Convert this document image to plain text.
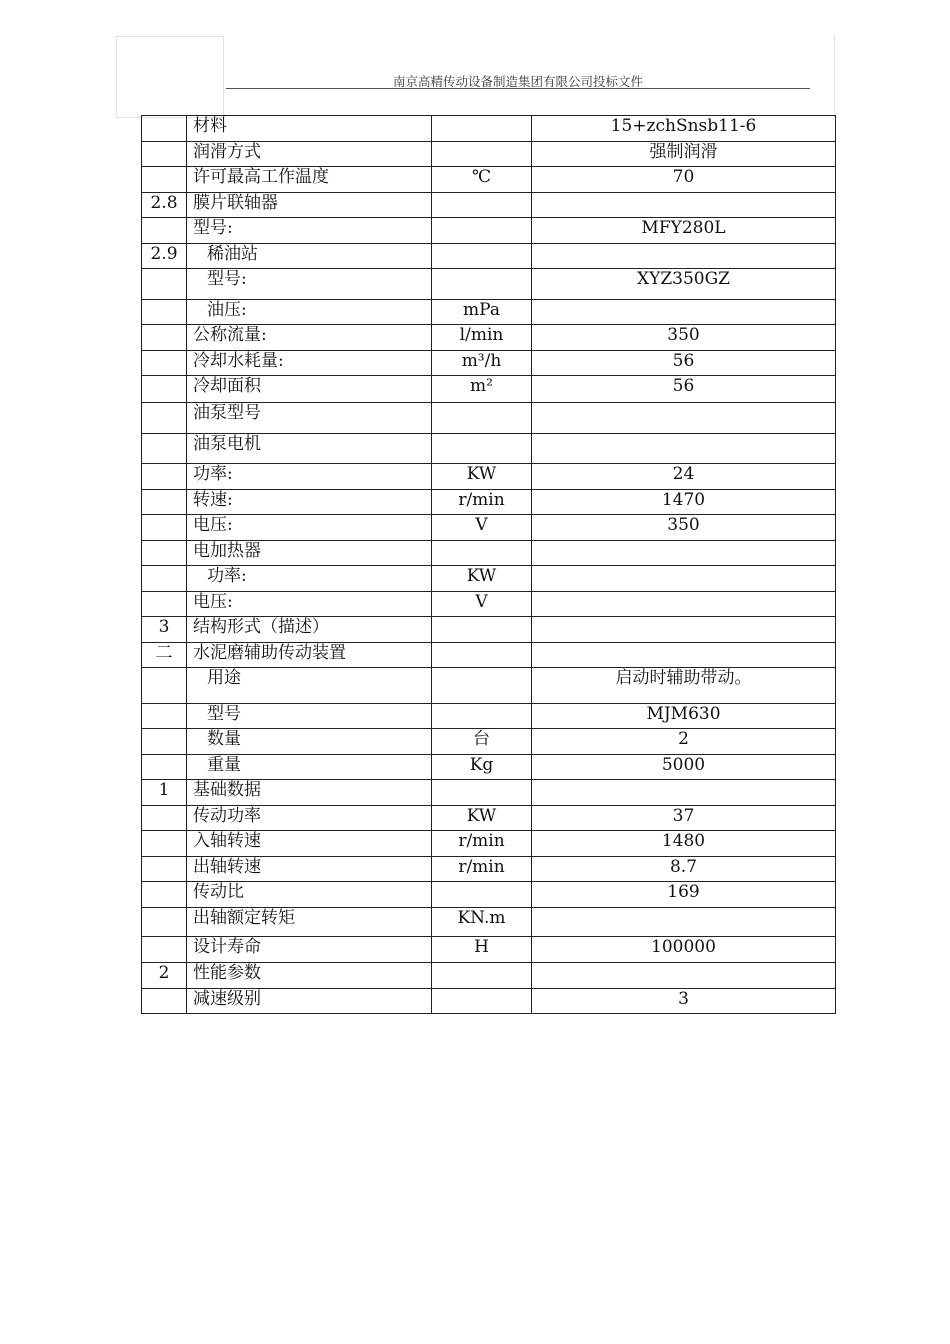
南京高精传动设备制造集团有限公司投标文件
	材料		15+zchSnsb11-6
	润滑方式		强制润滑
	许可最高工作温度	℃	70
2.8	膜片联轴器		
	型号:		MFY280L
2.9	稀油站		
	型号:		XYZ350GZ
	油压:	mPa	
	公称流量:	l/min	350
	冷却水耗量:	m³/h	56
	冷却面积	m²	56
	油泵型号		
	油泵电机		
	功率:	KW	24
	转速:	r/min	1470
	电压:	V	350
	电加热器		
	功率:	KW	
	电压:	V	
3	结构形式（描述）		
二	水泥磨辅助传动装置		
	用途		启动时辅助带动。
	型号		MJM630
	数量	台	2
	重量	Kg	5000
1	基础数据		
	传动功率	KW	37
	入轴转速	r/min	1480
	出轴转速	r/min	8.7
	传动比		169
	出轴额定转矩	KN.m	
	设计寿命	H	100000
2	性能参数		
	减速级别		3
